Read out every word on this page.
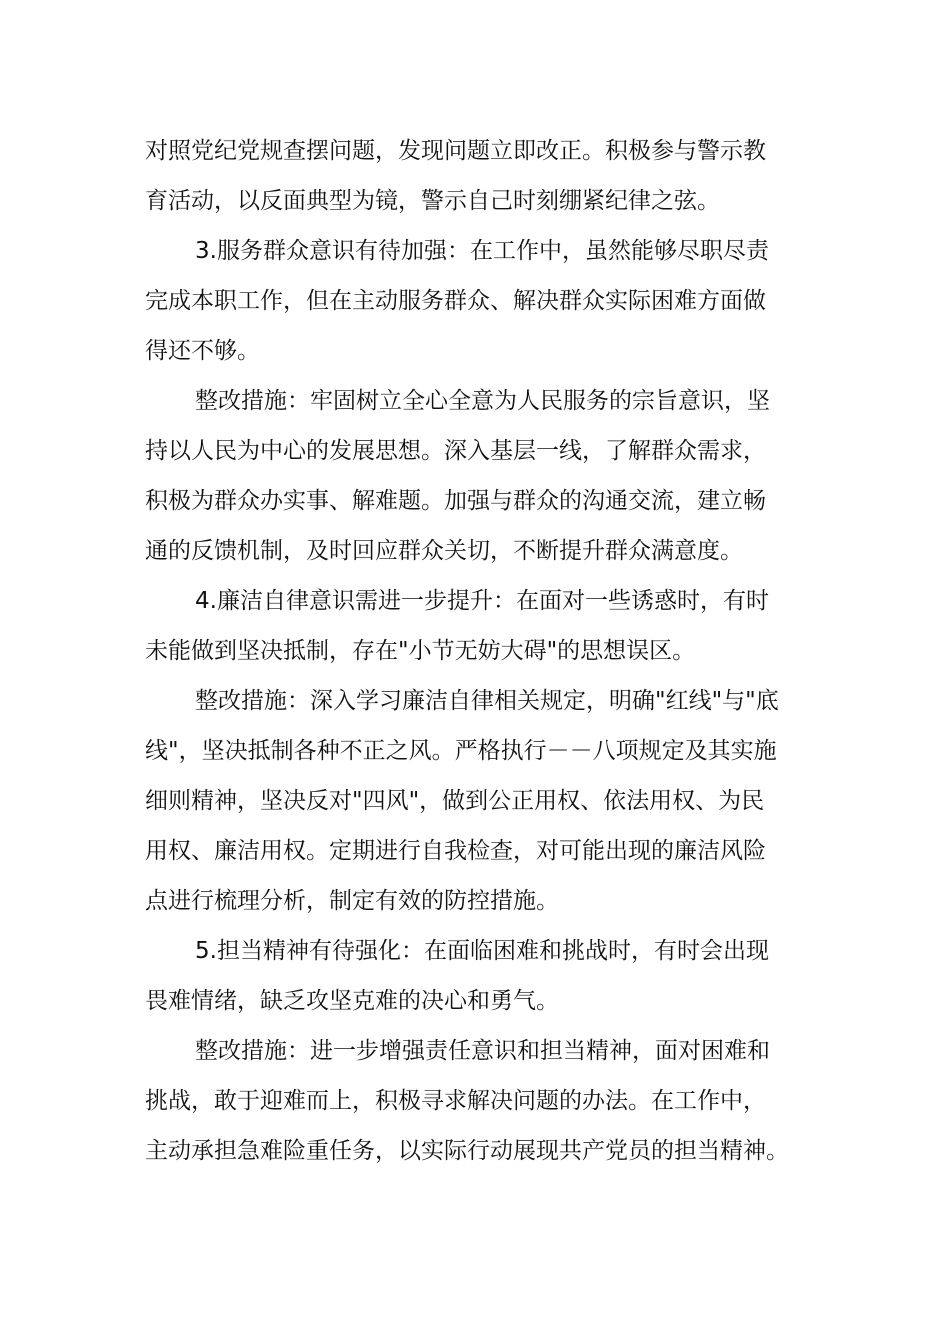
对照党纪党规查摆问题，发现问题立即改正。积极参与警示教
育活动，以反面典型为镜，警示自己时刻绷紧纪律之弦。
3.服务群众意识有待加强：在工作中，虽然能够尽职尽责
完成本职工作，但在主动服务群众、解决群众实际困难方面做
得还不够。
整改措施：牢固树立全心全意为人民服务的宗旨意识，坚
持以人民为中心的发展思想。深入基层一线，了解群众需求，
积极为群众办实事、解难题。加强与群众的沟通交流，建立畅
通的反馈机制，及时回应群众关切，不断提升群众满意度。
4.廉洁自律意识需进一步提升：在面对一些诱惑时，有时
未能做到坚决抵制，存在"小节无妨大碍"的思想误区。
整改措施：深入学习廉洁自律相关规定，明确"红线"与"底
线"，坚决抵制各种不正之风。严格执行－－八项规定及其实施
细则精神，坚决反对"四风"，做到公正用权、依法用权、为民
用权、廉洁用权。定期进行自我检查，对可能出现的廉洁风险
点进行梳理分析，制定有效的防控措施。
5.担当精神有待强化：在面临困难和挑战时，有时会出现
畏难情绪，缺乏攻坚克难的决心和勇气。
整改措施：进一步增强责任意识和担当精神，面对困难和
挑战，敢于迎难而上，积极寻求解决问题的办法。在工作中，
主动承担急难险重任务，以实际行动展现共产党员的担当精神。
